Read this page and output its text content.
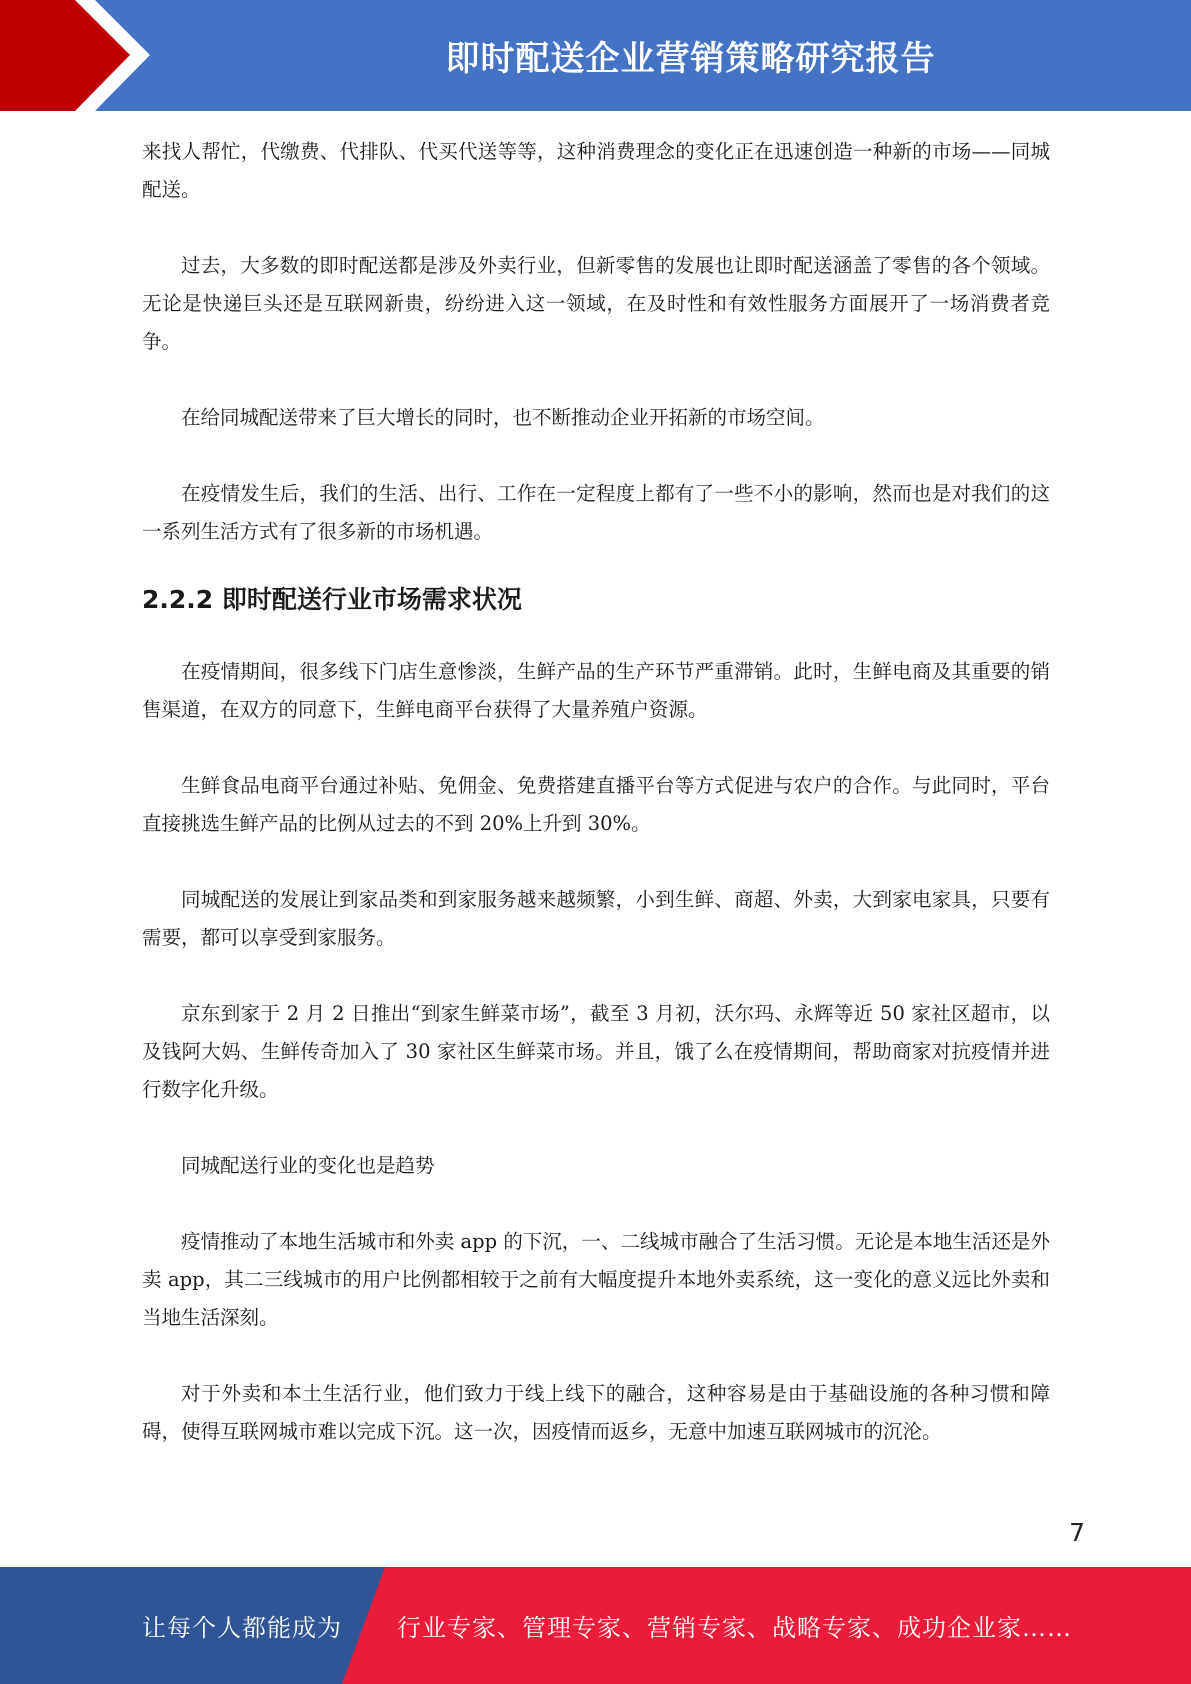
即时配送企业营销策略研究报告

来找人帮忙，代缴费、代排队、代买代送等等，这种消费理念的变化正在迅速创造一种新的市场——同城配送。

过去，大多数的即时配送都是涉及外卖行业，但新零售的发展也让即时配送涵盖了零售的各个领域。无论是快递巨头还是互联网新贵，纷纷进入这一领域，在及时性和有效性服务方面展开了一场消费者竞争。

在给同城配送带来了巨大增长的同时，也不断推动企业开拓新的市场空间。

在疫情发生后，我们的生活、出行、工作在一定程度上都有了一些不小的影响，然而也是对我们的这一系列生活方式有了很多新的市场机遇。

2.2.2 即时配送行业市场需求状况

在疫情期间，很多线下门店生意惨淡，生鲜产品的生产环节严重滞销。此时，生鲜电商及其重要的销售渠道，在双方的同意下，生鲜电商平台获得了大量养殖户资源。

生鲜食品电商平台通过补贴、免佣金、免费搭建直播平台等方式促进与农户的合作。与此同时，平台直接挑选生鲜产品的比例从过去的不到 20%上升到 30%。

同城配送的发展让到家品类和到家服务越来越频繁，小到生鲜、商超、外卖，大到家电家具，只要有需要，都可以享受到家服务。

京东到家于 2 月 2 日推出“到家生鲜菜市场”，截至 3 月初，沃尔玛、永辉等近 50 家社区超市，以及钱阿大妈、生鲜传奇加入了 30 家社区生鲜菜市场。并且，饿了么在疫情期间，帮助商家对抗疫情并进行数字化升级。

同城配送行业的变化也是趋势

疫情推动了本地生活城市和外卖 app 的下沉，一、二线城市融合了生活习惯。无论是本地生活还是外卖 app，其二三线城市的用户比例都相较于之前有大幅度提升本地外卖系统，这一变化的意义远比外卖和当地生活深刻。

对于外卖和本土生活行业，他们致力于线上线下的融合，这种容易是由于基础设施的各种习惯和障碍，使得互联网城市难以完成下沉。这一次，因疫情而返乡，无意中加速互联网城市的沉沦。

7
让每个人都能成为 行业专家、管理专家、营销专家、战略专家、成功企业家……
